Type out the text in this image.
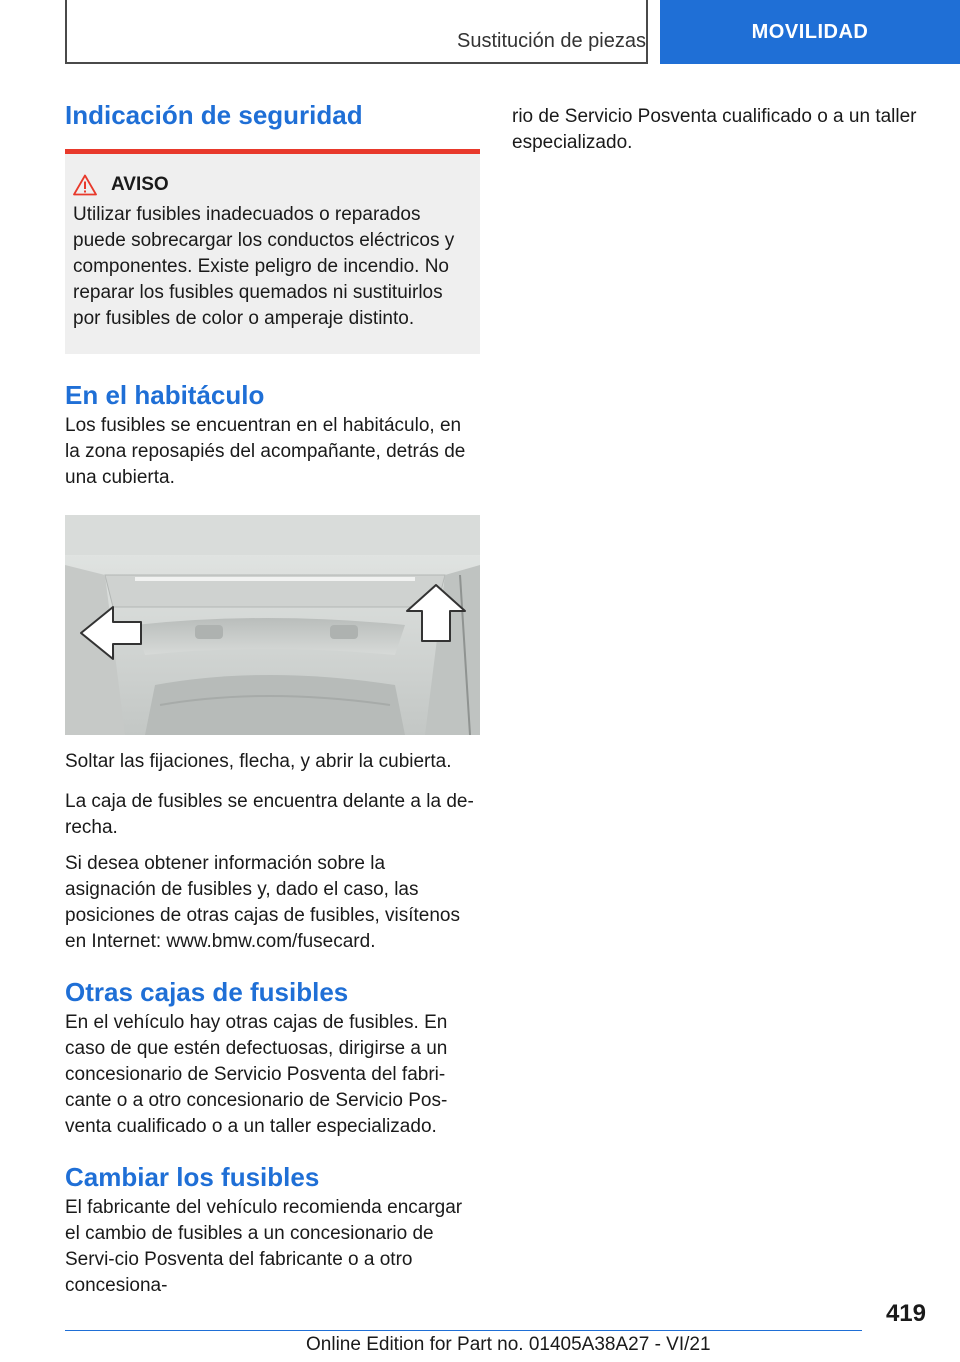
Sustitución de piezas	MOVILIDAD
Indicación de seguridad
AVISO

Utilizar fusibles inadecuados o reparados puede sobrecargar los conductos eléctricos y componentes. Existe peligro de incendio. No reparar los fusibles quemados ni sustituirlos por fusibles de color o amperaje distinto.

En el habitáculo

Los fusibles se encuentran en el habitáculo, en la zona reposapiés del acompañante, detrás de una cubierta.

Soltar las fijaciones, flecha, y abrir la cubierta.

La caja de fusibles se encuentra delante a la de-recha.

Si desea obtener información sobre la asignación de fusibles y, dado el caso, las posiciones de otras cajas de fusibles, visítenos en Internet: www.bmw.com/fusecard.

Otras cajas de fusibles

En el vehículo hay otras cajas de fusibles. En caso de que estén defectuosas, dirigirse a un concesionario de Servicio Posventa del fabri-cante o a otro concesionario de Servicio Pos-venta cualificado o a un taller especializado.

Cambiar los fusibles

El fabricante del vehículo recomienda encargar el cambio de fusibles a un concesionario de Servi-cio Posventa del fabricante o a otro concesiona-

rio de Servicio Posventa cualificado o a un taller especializado.

419
Online Edition for Part no. 01405A38A27 - VI/21
